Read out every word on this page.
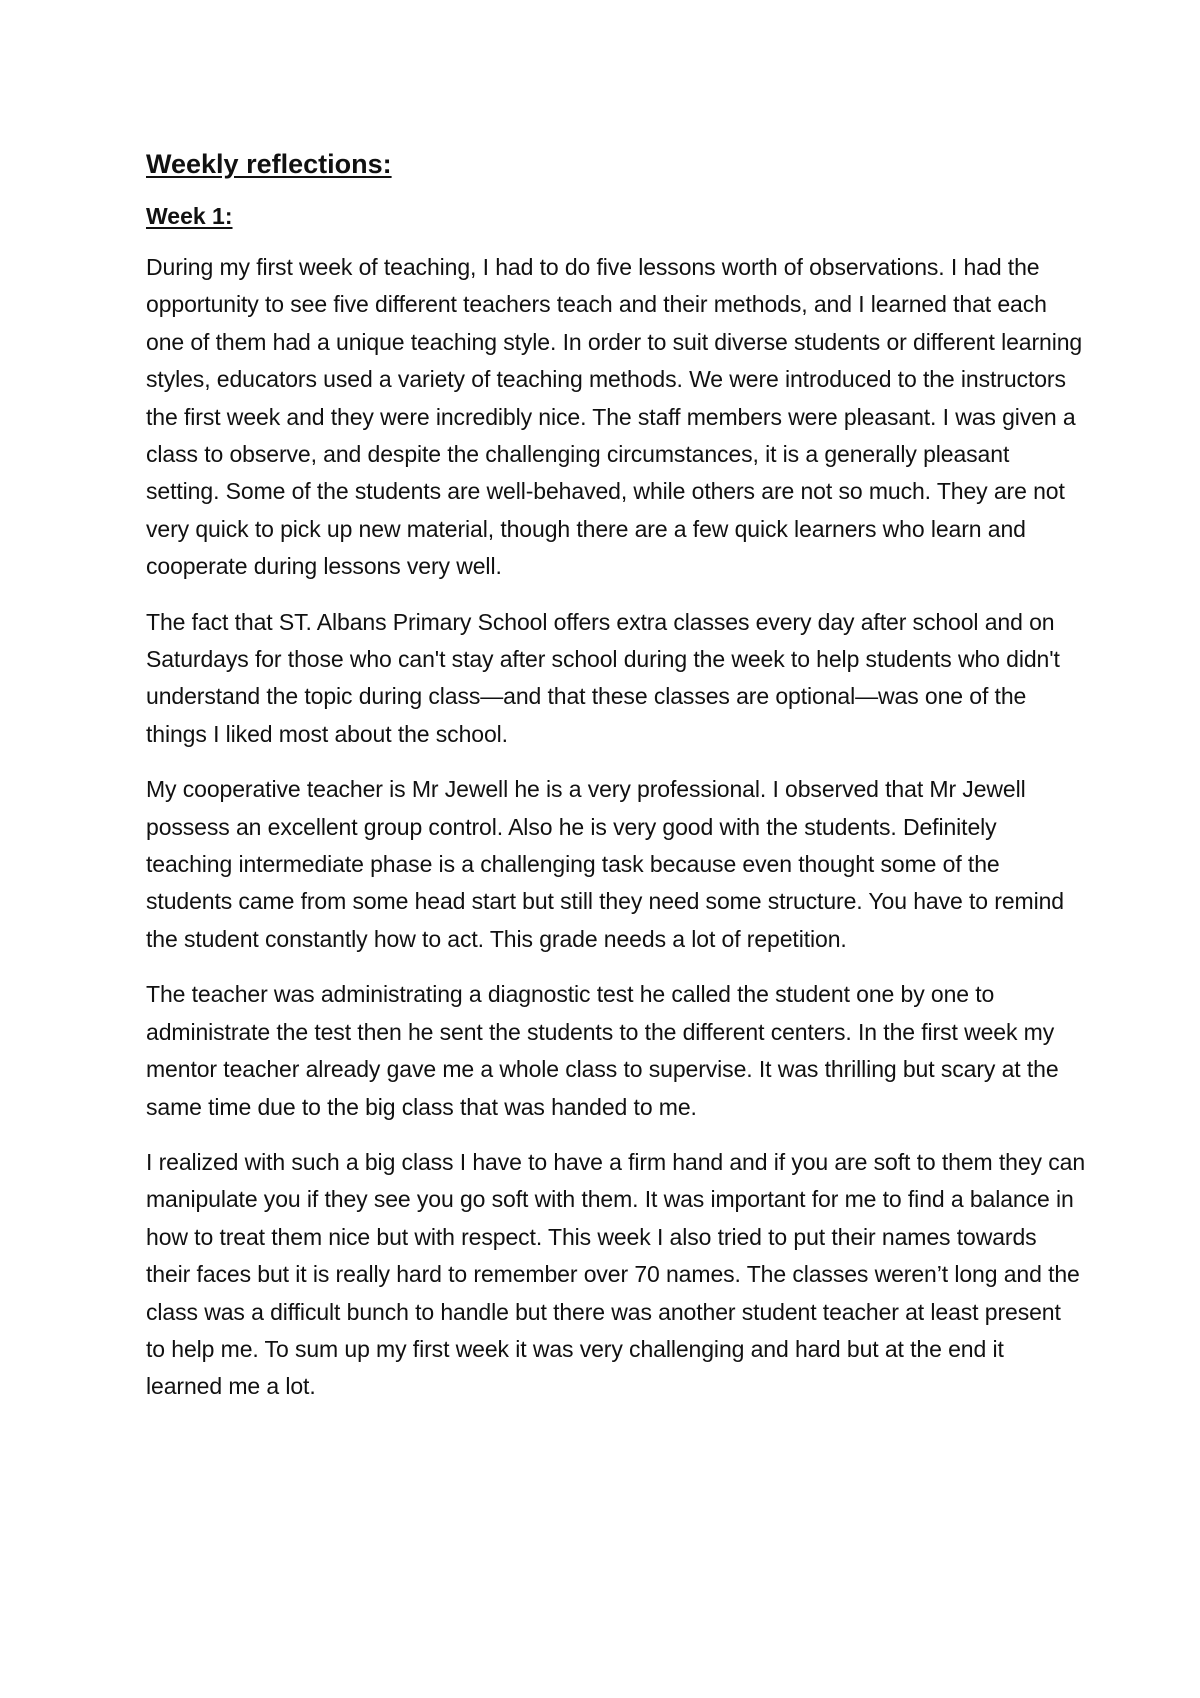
Weekly reflections:
Week 1:

During my first week of teaching, I had to do five lessons worth of observations. I had the opportunity to see five different teachers teach and their methods, and I learned that each one of them had a unique teaching style. In order to suit diverse students or different learning styles, educators used a variety of teaching methods. We were introduced to the instructors the first week and they were incredibly nice. The staff members were pleasant. I was given a class to observe, and despite the challenging circumstances, it is a generally pleasant setting. Some of the students are well-behaved, while others are not so much. They are not very quick to pick up new material, though there are a few quick learners who learn and cooperate during lessons very well.

The fact that ST. Albans Primary School offers extra classes every day after school and on Saturdays for those who can't stay after school during the week to help students who didn't understand the topic during class—and that these classes are optional—was one of the things I liked most about the school.

My cooperative teacher is Mr Jewell he is a very professional. I observed that Mr Jewell possess an excellent group control. Also he is very good with the students. Definitely teaching intermediate phase is a challenging task because even thought some of the students came from some head start but still they need some structure. You have to remind the student constantly how to act. This grade needs a lot of repetition.

The teacher was administrating a diagnostic test he called the student one by one to administrate the test then he sent the students to the different centers. In the first week my mentor teacher already gave me a whole class to supervise. It was thrilling but scary at the same time due to the big class that was handed to me.

I realized with such a big class I have to have a firm hand and if you are soft to them they can manipulate you if they see you go soft with them. It was important for me to find a balance in how to treat them nice but with respect. This week I also tried to put their names towards their faces but it is really hard to remember over 70 names. The classes weren’t long and the class was a difficult bunch to handle but there was another student teacher at least present to help me. To sum up my first week it was very challenging and hard but at the end it learned me a lot.
